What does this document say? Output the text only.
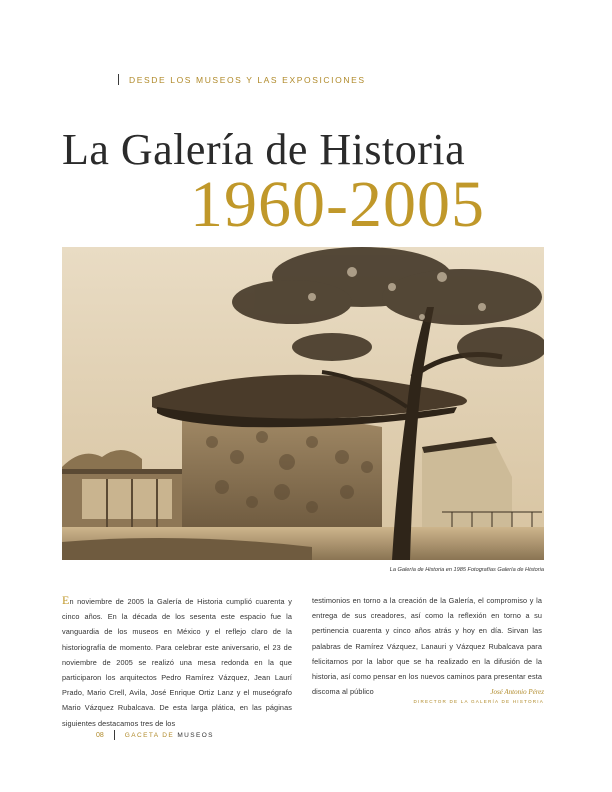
DESDE LOS MUSEOS Y LAS EXPOSICIONES
La Galería de Historia
1960-2005
La Galería de Historia en 1985 Fotografías Galería de Historia
En noviembre de 2005 la Galería de Historia cumplió cuarenta y cinco años. En la década de los sesenta este espacio fue la vanguardia de los museos en México y el reflejo claro de la historiografía de momento. Para celebrar este aniversario, el 23 de noviembre de 2005 se realizó una mesa redonda en la que participaron los arquitectos Pedro Ramírez Vázquez, Jean Laurí Prado, Mario Crell, Avila, José Enrique Ortiz Lanz y el museógrafo Mario Vázquez Rubalcava. De esta larga plática, en las páginas siguientes destacamos tres de los
testimonios en torno a la creación de la Galería, el compromiso y la entrega de sus creadores, así como la reflexión en torno a su pertinencia cuarenta y cinco años atrás y hoy en día. Sirvan las palabras de Ramírez Vázquez, Lanauri y Vázquez Rubalcava para felicitarnos por la labor que se ha realizado en la difusión de la historia, así como pensar en los nuevos caminos para presentar esta discoma al público	José Antonio Pérez
DIRECTOR DE LA GALERÍA DE HISTORIA
08	GACETA DE MUSEOS
